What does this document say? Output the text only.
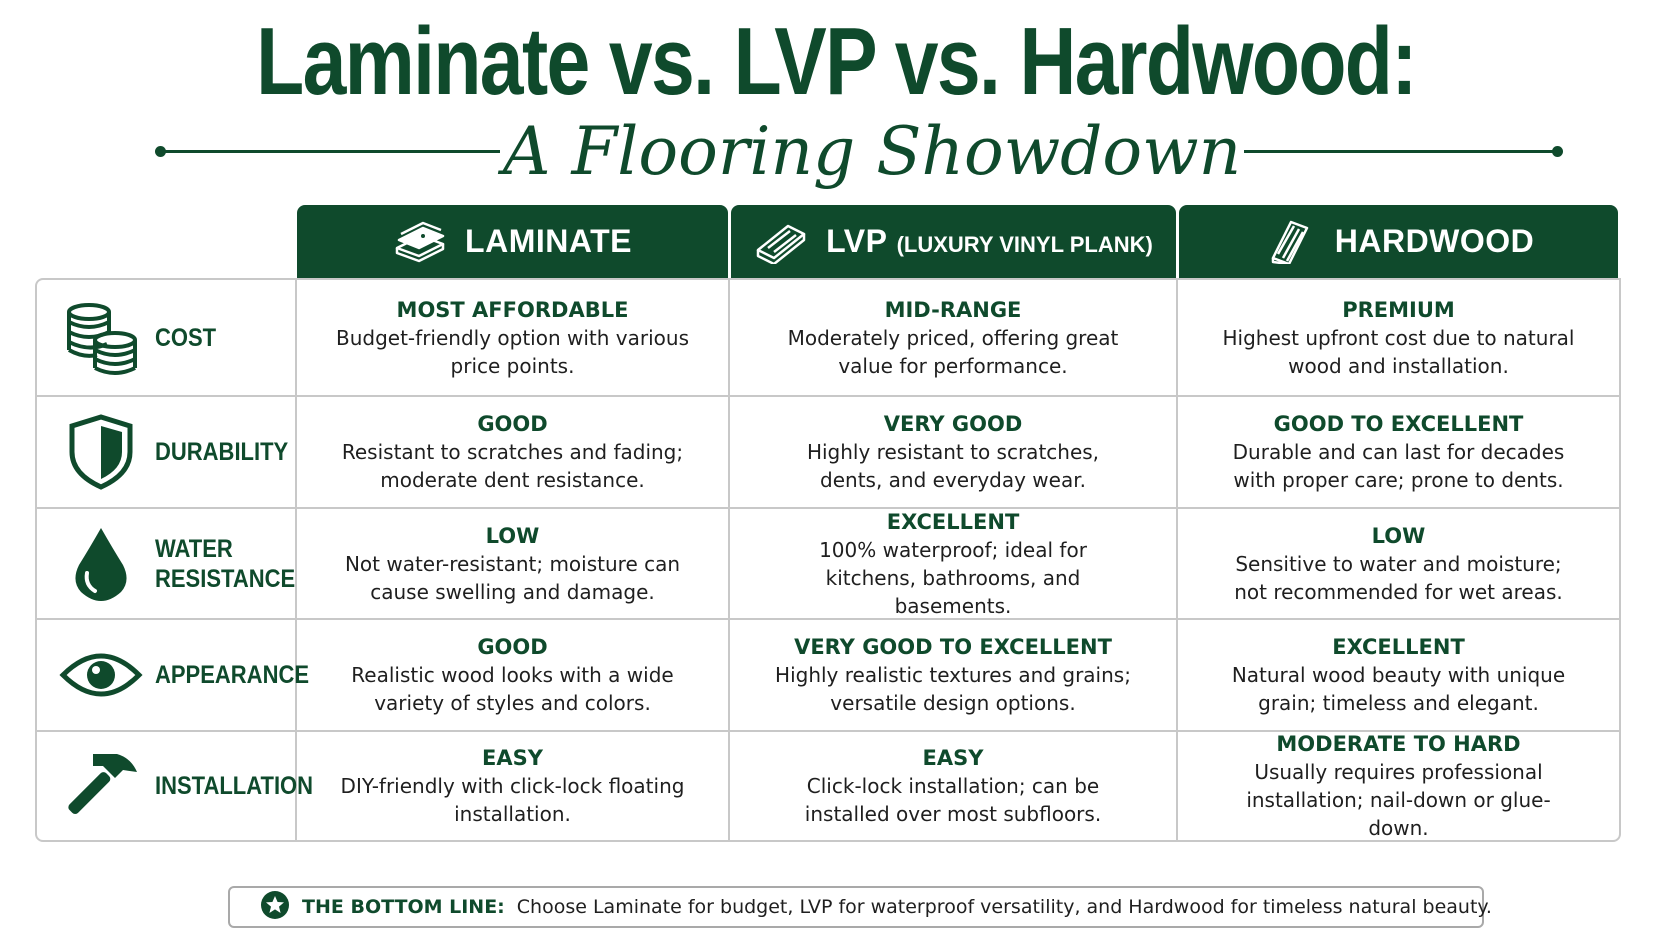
Laminate vs. LVP vs. Hardwood:
A Flooring Showdown
LAMINATE	LVP (LUXURY VINYL PLANK)	HARDWOOD
COST
MOST AFFORDABLE
Budget-friendly option with various price points.
MID-RANGE
Moderately priced, offering great value for performance.
PREMIUM
Highest upfront cost due to natural wood and installation.
DURABILITY
GOOD
Resistant to scratches and fading; moderate dent resistance.
VERY GOOD
Highly resistant to scratches, dents, and everyday wear.
GOOD TO EXCELLENT
Durable and can last for decades with proper care; prone to dents.
WATER
RESISTANCE
LOW
Not water-resistant; moisture can cause swelling and damage.
EXCELLENT
100% waterproof; ideal for kitchens, bathrooms, and basements.
LOW
Sensitive to water and moisture; not recommended for wet areas.
APPEARANCE
GOOD
Realistic wood looks with a wide variety of styles and colors.
VERY GOOD TO EXCELLENT
Highly realistic textures and grains; versatile design options.
EXCELLENT
Natural wood beauty with unique grain; timeless and elegant.
INSTALLATION
EASY
DIY-friendly with click-lock floating installation.
EASY
Click-lock installation; can be installed over most subfloors.
MODERATE TO HARD
Usually requires professional installation; nail-down or glue-down.
THE BOTTOM LINE: Choose Laminate for budget, LVP for waterproof versatility, and Hardwood for timeless natural beauty.
